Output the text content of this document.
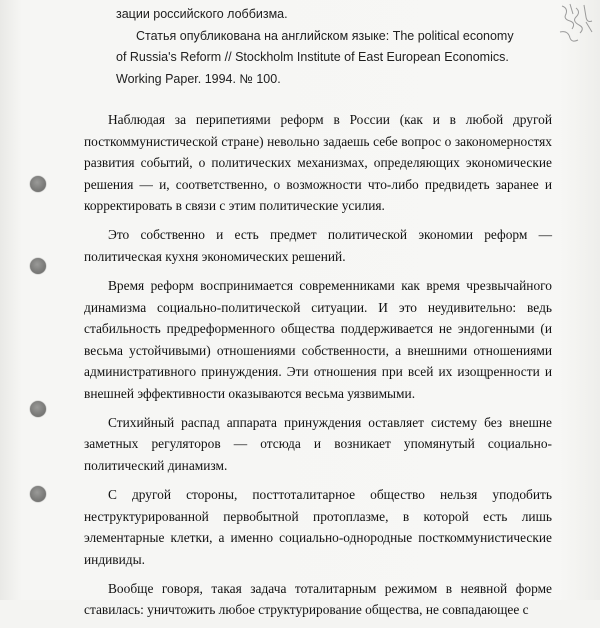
зации российского лоббизма.

Статья опубликована на английском языке: The political economy

of Russia's Reform // Stockholm Institute of East European Economics.

Working Paper. 1994. № 100.

Наблюдая за перипетиями реформ в России (как и в любой другой посткоммунистической стране) невольно задаешь себе вопрос о закономерностях развития событий, о политических механизмах, определяющих экономические решения — и, соответственно, о возможности что-либо предвидеть заранее и корректировать в связи с этим политические усилия.

Это собственно и есть предмет политической экономии реформ — политическая кухня экономических решений.

Время реформ воспринимается современниками как время чрезвычайного динамизма социально-политической ситуации. И это неудивительно: ведь стабильность предреформенного общества поддерживается не эндогенными (и весьма устойчивыми) отношениями собственности, а внешними отношениями административного принуждения. Эти отношения при всей их изощренности и внешней эффективности оказываются весьма уязвимыми.

Стихийный распад аппарата принуждения оставляет систему без внешне заметных регуляторов — отсюда и возникает упомянутый социально-политический динамизм.

С другой стороны, посттоталитарное общество нельзя уподобить неструктурированной первобытной протоплазме, в которой есть лишь элементарные клетки, а именно социально-однородные посткоммунистические индивиды.

Вообще говоря, такая задача тоталитарным режимом в неявной форме ставилась: уничтожить любое структурирование общества, не совпадающее с
